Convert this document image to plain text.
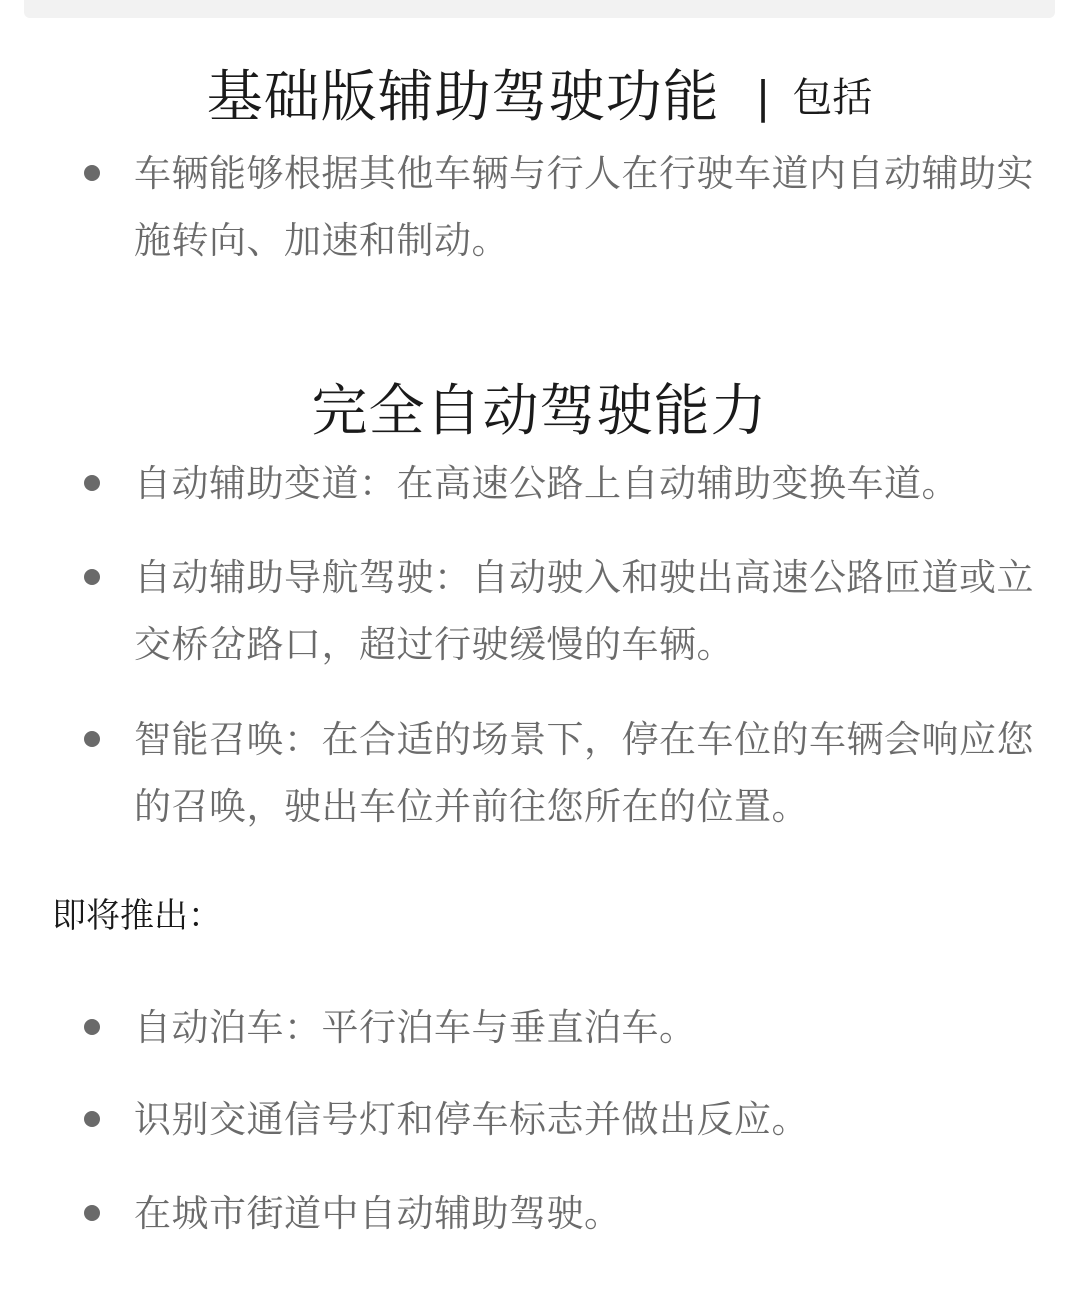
基础版辅助驾驶功能 | 包括
车辆能够根据其他车辆与行人在行驶车道内自动辅助实施转向、加速和制动。
完全自动驾驶能力
自动辅助变道：在高速公路上自动辅助变换车道。
自动辅助导航驾驶：自动驶入和驶出高速公路匝道或立交桥岔路口，超过行驶缓慢的车辆。
智能召唤：在合适的场景下，停在车位的车辆会响应您的召唤，驶出车位并前往您所在的位置。
即将推出：
自动泊车：平行泊车与垂直泊车。
识别交通信号灯和停车标志并做出反应。
在城市街道中自动辅助驾驶。
